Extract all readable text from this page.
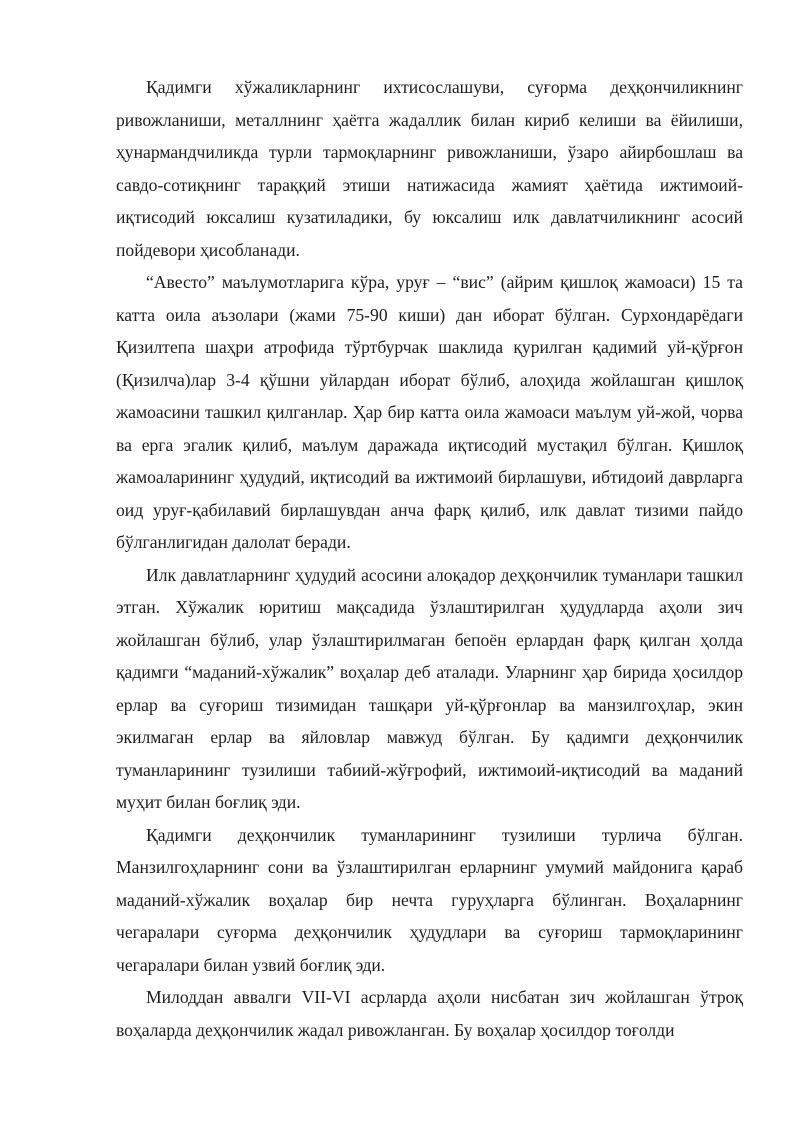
Қадимги хўжаликларнинг ихтисослашуви, суғорма деҳқончиликнинг ривожланиши, металлнинг ҳаётга жадаллик билан кириб келиши ва ёйилиши, ҳунармандчиликда турли тармоқларнинг ривожланиши, ўзаро айирбошлаш ва савдо-сотиқнинг тараққий этиши натижасида жамият ҳаётида ижтимоий-иқтисодий юксалиш кузатиладики, бу юксалиш илк давлатчиликнинг асосий пойдевори ҳисобланади.

“Авесто” маълумотларига кўра, уруғ – “вис” (айрим қишлоқ жамоаси) 15 та катта оила аъзолари (жами 75-90 киши) дан иборат бўлган. Сурхондарёдаги Қизилтепа шаҳри атрофида тўртбурчак шаклида қурилган қадимий уй-қўрғон (Қизилча)лар 3-4 қўшни уйлардан иборат бўлиб, алоҳида жойлашган қишлоқ жамоасини ташкил қилганлар. Ҳар бир катта оила жамоаси маълум уй-жой, чорва ва ерга эгалик қилиб, маълум даражада иқтисодий мустақил бўлган. Қишлоқ жамоаларининг ҳудудий, иқтисодий ва ижтимоий бирлашуви, ибтидоий даврларга оид уруғ-қабилавий бирлашувдан анча фарқ қилиб, илк давлат тизими пайдо бўлганлигидан далолат беради.

Илк давлатларнинг ҳудудий асосини алоқадор деҳқончилик туманлари ташкил этган. Хўжалик юритиш мақсадида ўзлаштирилган ҳудудларда аҳоли зич жойлашган бўлиб, улар ўзлаштирилмаган бепоён ерлардан фарқ қилган ҳолда қадимги “маданий-хўжалик” воҳалар деб аталади. Уларнинг ҳар бирида ҳосилдор ерлар ва суғориш тизимидан ташқари уй-қўрғонлар ва манзилгоҳлар, экин экилмаган ерлар ва яйловлар мавжуд бўлган. Бу қадимги деҳқончилик туманларининг тузилиши табиий-жўғрофий, ижтимоий-иқтисодий ва маданий муҳит билан боғлиқ эди.

Қадимги деҳқончилик туманларининг тузилиши турлича бўлган. Манзилгоҳларнинг сони ва ўзлаштирилган ерларнинг умумий майдонига қараб маданий-хўжалик воҳалар бир нечта гуруҳларга бўлинган. Воҳаларнинг чегаралари суғорма деҳқончилик ҳудудлари ва суғориш тармоқларининг чегаралари билан узвий боғлиқ эди.

Милоддан аввалги VII-VI асрларда аҳоли нисбатан зич жойлашган ўтроқ воҳаларда деҳқончилик жадал ривожланган. Бу воҳалар ҳосилдор тоғолди
